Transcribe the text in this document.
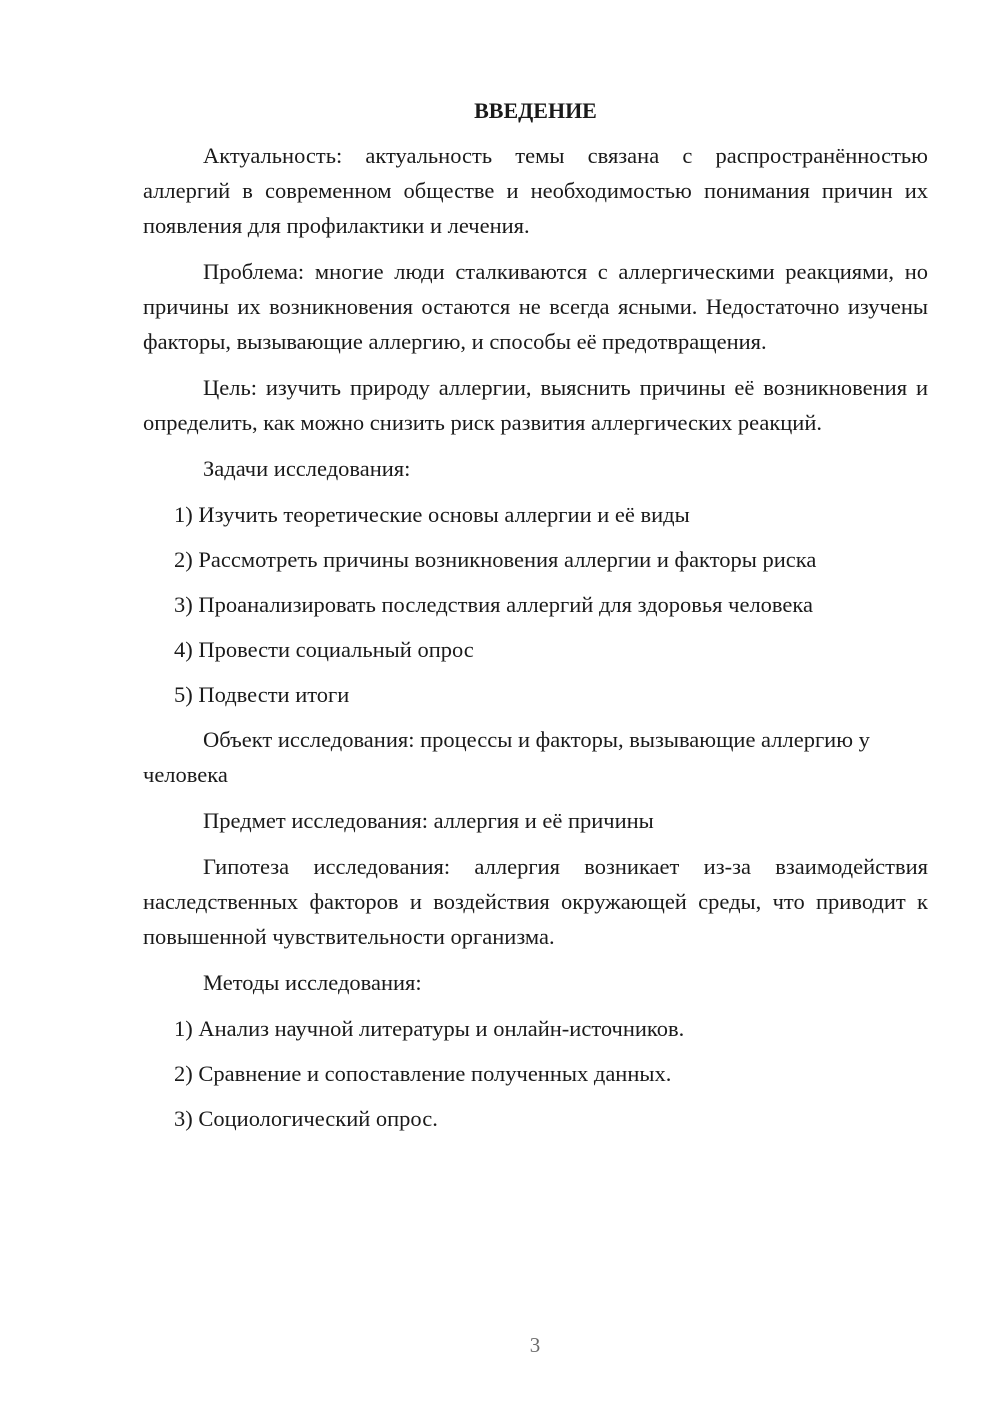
ВВЕДЕНИЕ

Актуальность: актуальность темы связана с распространённостью аллергий в современном обществе и необходимостью понимания причин их появления для профилактики и лечения.

Проблема: многие люди сталкиваются с аллергическими реакциями, но причины их возникновения остаются не всегда ясными. Недостаточно изучены факторы, вызывающие аллергию, и способы её предотвращения.

Цель: изучить природу аллергии, выяснить причины её возникновения и определить, как можно снизить риск развития аллергических реакций.

Задачи исследования:

1) Изучить теоретические основы аллергии и её виды
2) Рассмотреть причины возникновения аллергии и факторы риска
3) Проанализировать последствия аллергий для здоровья человека
4) Провести социальный опрос
5) Подвести итоги

Объект исследования: процессы и факторы, вызывающие аллергию у человека

Предмет исследования: аллергия и её причины

Гипотеза исследования: аллергия возникает из-за взаимодействия наследственных факторов и воздействия окружающей среды, что приводит к повышенной чувствительности организма.

Методы исследования:

1) Анализ научной литературы и онлайн-источников.
2) Сравнение и сопоставление полученных данных.
3) Социологический опрос.
3
